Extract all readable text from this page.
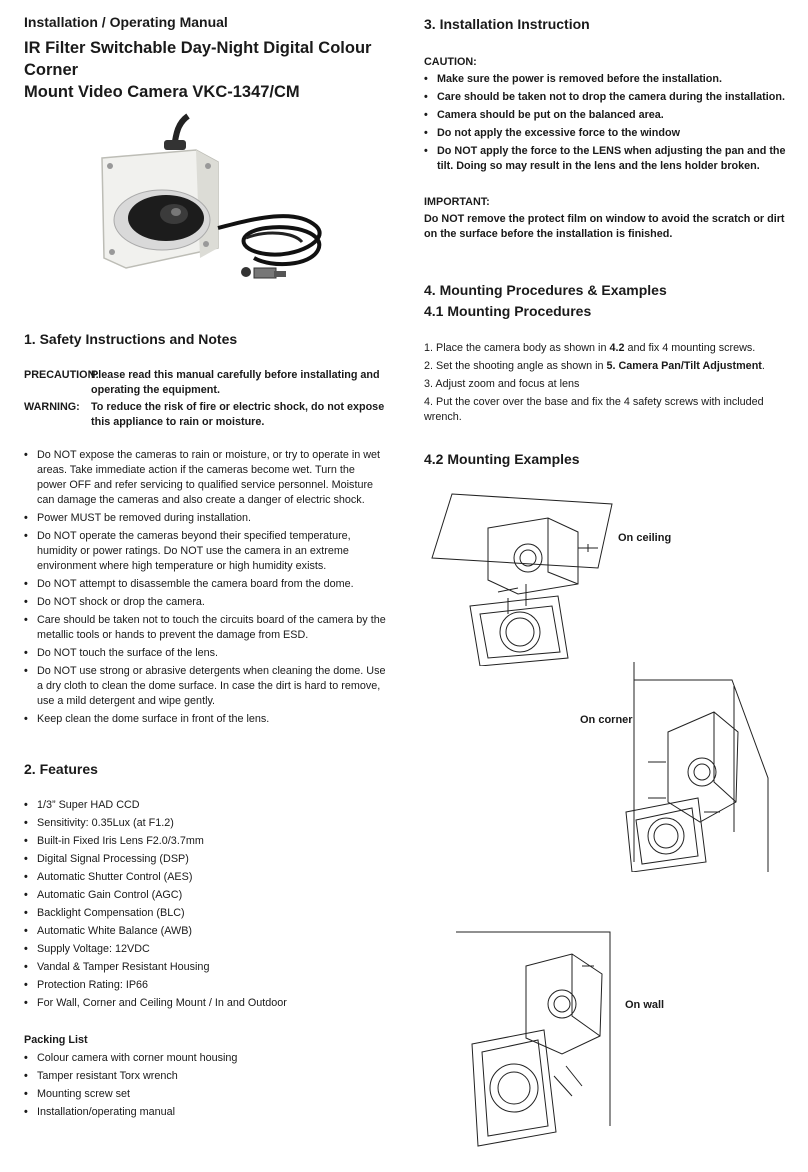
Installation / Operating Manual
IR Filter Switchable Day-Night Digital Colour Corner
Mount Video Camera VKC-1347/CM
1. Safety Instructions and Notes
PRECAUTION:
Please read this manual carefully before installating and operating the equipment.
WARNING:	To reduce the risk of fire or electric shock, do not expose this appliance to rain or moisture.
• Do NOT expose the cameras to rain or moisture, or try to operate in wet areas. Take immediate action if the cameras become wet. Turn the power OFF and refer servicing to qualified service personnel. Moisture can damage the cameras and also create a danger of electric shock.
• Power MUST be removed during installation.
• Do NOT operate the cameras beyond their specified temperature, humidity or power ratings. Do NOT use the camera in an extreme environment where high temperature or high humidity exists.
• Do NOT attempt to disassemble the camera board from the dome.
• Do NOT shock or drop the camera.
• Care should be taken not to touch the circuits board of the camera by the metallic tools or hands to prevent the damage from ESD.
• Do NOT touch the surface of the lens.
• Do NOT use strong or abrasive detergents when cleaning the dome. Use a dry cloth to clean the dome surface. In case the dirt is hard to remove, use a mild detergent and wipe gently.
• Keep clean the dome surface in front of the lens.
2. Features
• 1/3” Super HAD CCD
• Sensitivity: 0.35Lux (at F1.2)
• Built-in Fixed Iris Lens F2.0/3.7mm
• Digital Signal Processing (DSP)
• Automatic Shutter Control (AES)
• Automatic Gain Control (AGC)
• Backlight Compensation (BLC)
• Automatic White Balance (AWB)
• Supply Voltage: 12VDC
• Vandal & Tamper Resistant Housing
• Protection Rating: IP66
• For Wall, Corner and Ceiling Mount / In and Outdoor
Packing List
• Colour camera with corner mount housing
• Tamper resistant Torx wrench
• Mounting screw set
• Installation/operating manual
3. Installation Instruction
CAUTION:
• Make sure the power is removed before the installation.
• Care should be taken not to drop the camera during the installation.
• Camera should be put on the balanced area.
• Do not apply the excessive force to the window
• Do NOT apply the force to the LENS when adjusting the pan and the tilt. Doing so may result in the lens and the lens holder broken.
IMPORTANT:
Do NOT remove the protect film on window to avoid the scratch or dirt on the surface before the installation is finished.
4. Mounting Procedures & Examples
4.1 Mounting Procedures
1. Place the camera body as shown in 4.2 and fix 4 mounting screws.
2. Set the shooting angle as shown in 5. Camera Pan/Tilt Adjustment.
3. Adjust zoom and focus at lens
4. Put the cover over the base and fix the 4 safety screws with included wrench.
4.2 Mounting Examples
On ceiling
On corner
On wall
